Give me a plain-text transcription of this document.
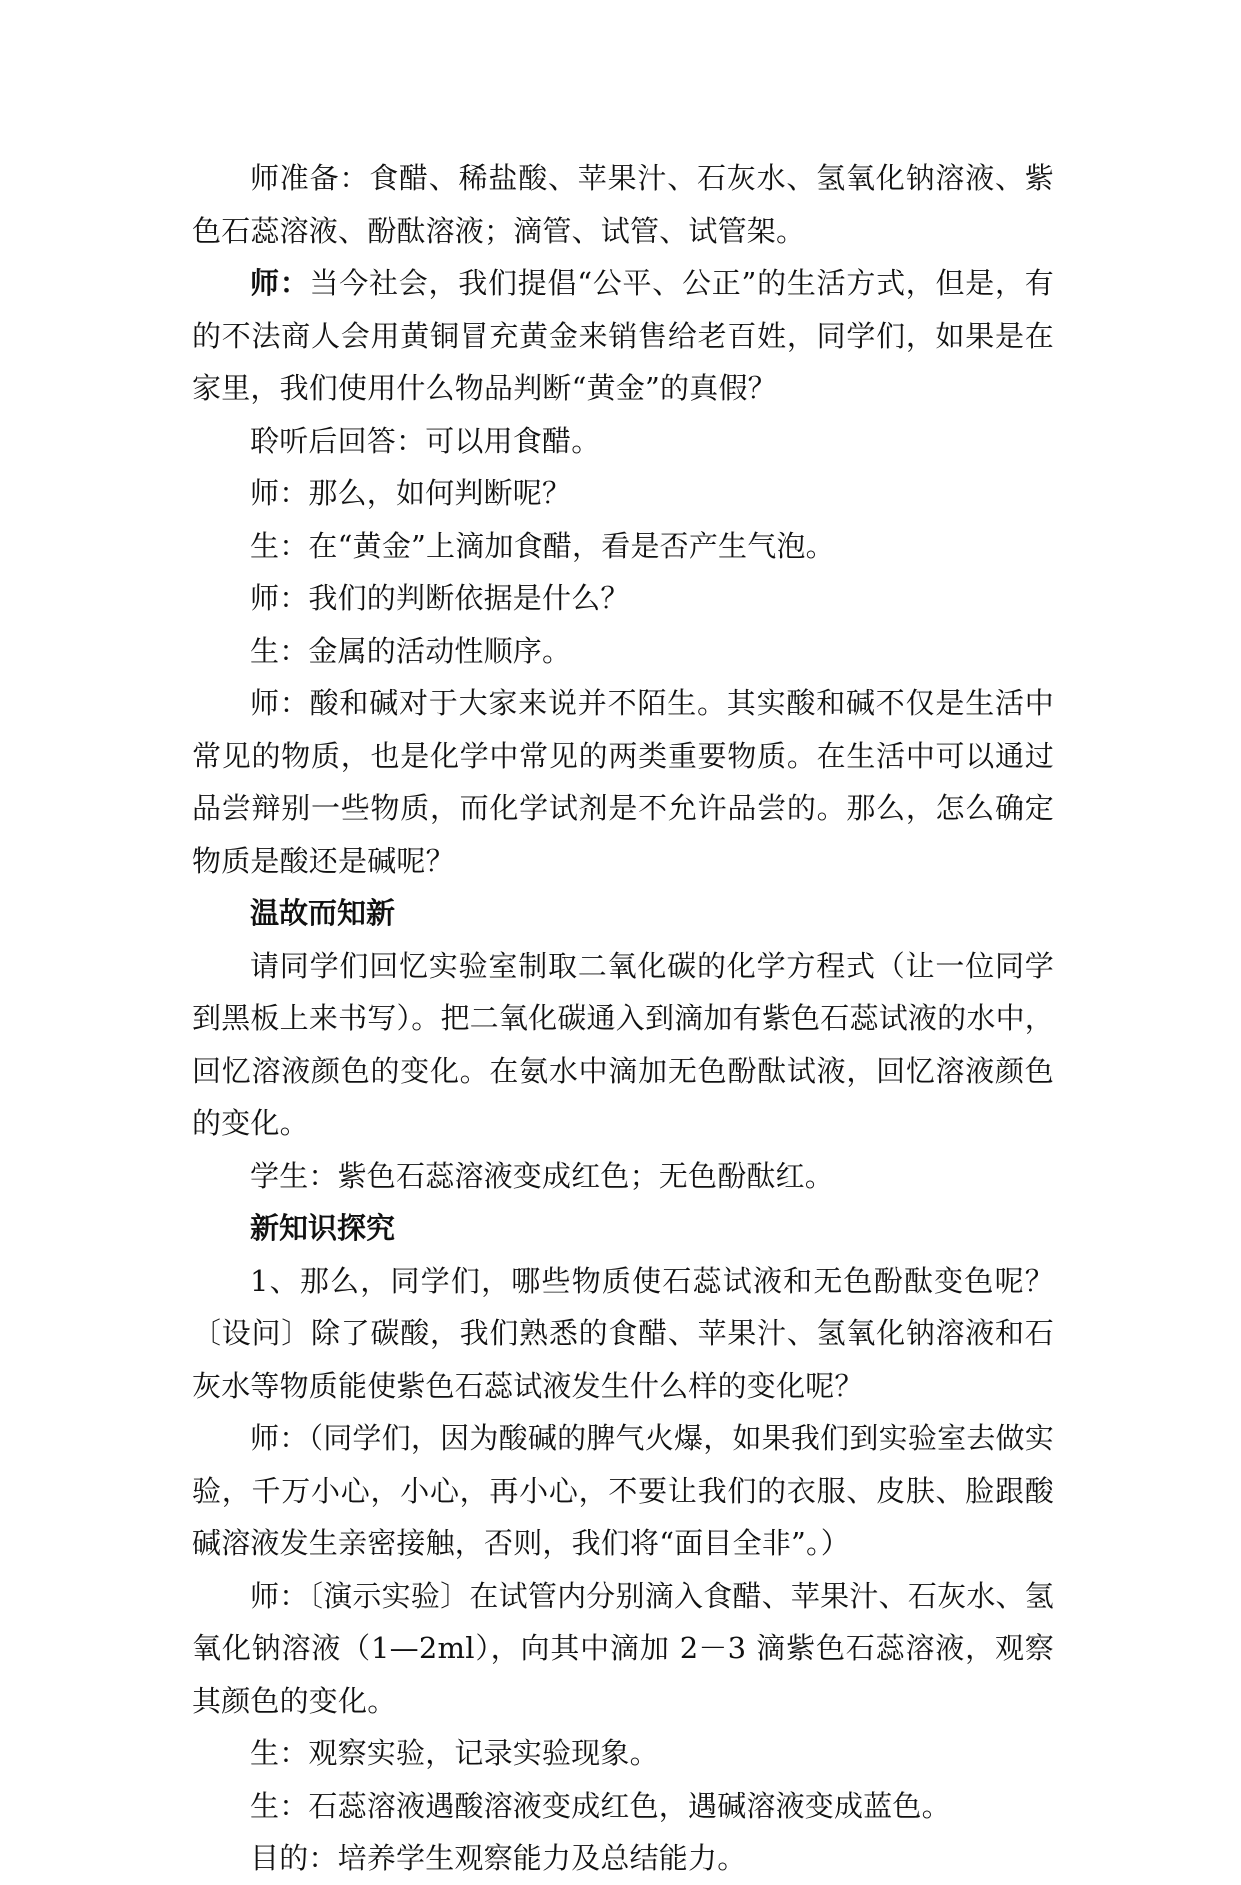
师准备：食醋、稀盐酸、苹果汁、石灰水、氢氧化钠溶液、紫色石蕊溶液、酚酞溶液；滴管、试管、试管架。

师：当今社会，我们提倡“公平、公正”的生活方式，但是，有的不法商人会用黄铜冒充黄金来销售给老百姓，同学们，如果是在家里，我们使用什么物品判断“黄金”的真假？

聆听后回答：可以用食醋。

师：那么，如何判断呢？

生：在“黄金”上滴加食醋，看是否产生气泡。

师：我们的判断依据是什么？

生：金属的活动性顺序。

师：酸和碱对于大家来说并不陌生。其实酸和碱不仅是生活中常见的物质，也是化学中常见的两类重要物质。在生活中可以通过品尝辩别一些物质，而化学试剂是不允许品尝的。那么，怎么确定物质是酸还是碱呢？

温故而知新

请同学们回忆实验室制取二氧化碳的化学方程式（让一位同学到黑板上来书写）。把二氧化碳通入到滴加有紫色石蕊试液的水中，回忆溶液颜色的变化。在氨水中滴加无色酚酞试液，回忆溶液颜色的变化。

学生：紫色石蕊溶液变成红色；无色酚酞红。

新知识探究

1、那么，同学们，哪些物质使石蕊试液和无色酚酞变色呢？〔设问〕除了碳酸，我们熟悉的食醋、苹果汁、氢氧化钠溶液和石灰水等物质能使紫色石蕊试液发生什么样的变化呢？

师：（同学们，因为酸碱的脾气火爆，如果我们到实验室去做实验，千万小心，小心，再小心，不要让我们的衣服、皮肤、脸跟酸碱溶液发生亲密接触，否则，我们将“面目全非”。）

师：〔演示实验〕在试管内分别滴入食醋、苹果汁、石灰水、氢氧化钠溶液（1—2ml），向其中滴加 2－3 滴紫色石蕊溶液，观察其颜色的变化。

生：观察实验，记录实验现象。

生：石蕊溶液遇酸溶液变成红色，遇碱溶液变成蓝色。

目的：培养学生观察能力及总结能力。
